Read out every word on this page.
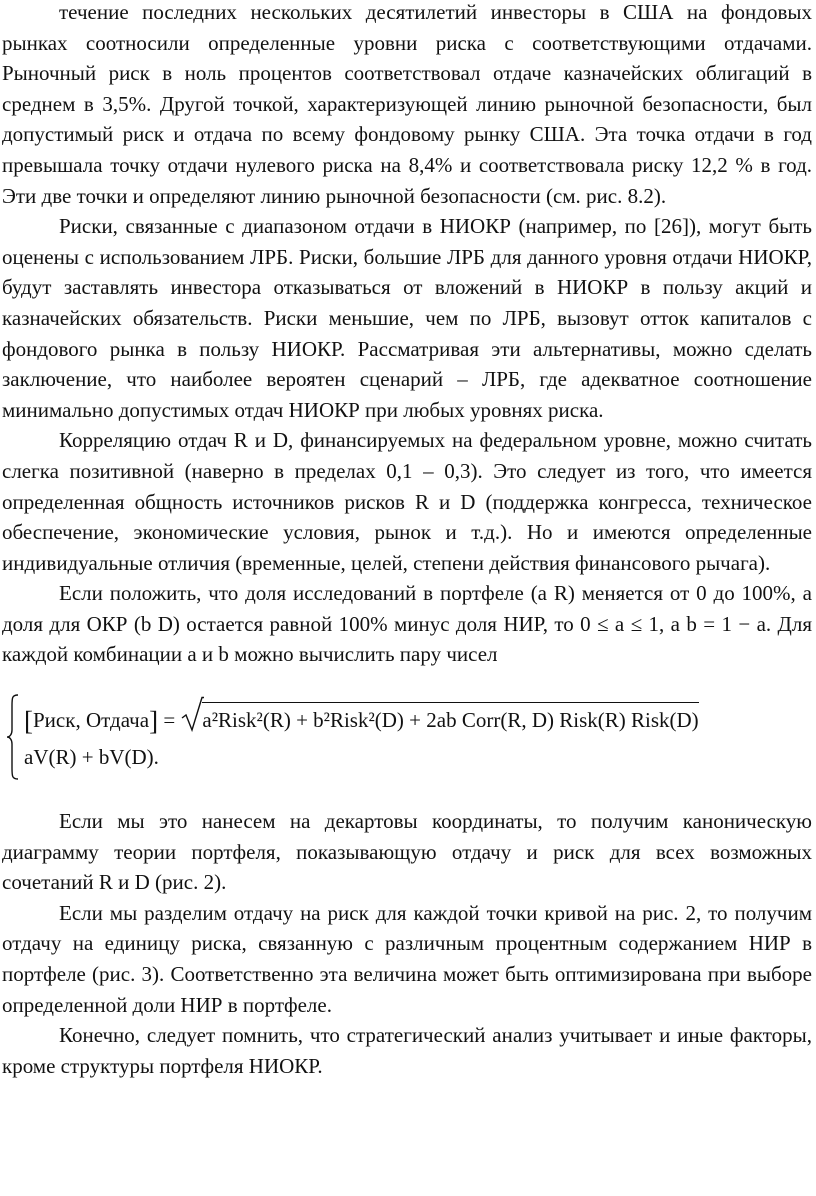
течение последних нескольких десятилетий инвесторы в США на фондовых рынках соотносили определенные уровни риска с соответствующими отдачами. Рыночный риск в ноль процентов соответствовал отдаче казначейских облигаций в среднем в 3,5%. Другой точкой, характеризующей линию рыночной безопасности, был допустимый риск и отдача по всему фондовому рынку США. Эта точка отдачи в год превышала точку отдачи нулевого риска на 8,4% и соответствовала риску 12,2 % в год. Эти две точки и определяют линию рыночной безопасности (см. рис. 8.2).

Риски, связанные с диапазоном отдачи в НИОКР (например, по [26]), могут быть оценены с использованием ЛРБ. Риски, большие ЛРБ для данного уровня отдачи НИОКР, будут заставлять инвестора отказываться от вложений в НИОКР в пользу акций и казначейских обязательств. Риски меньшие, чем по ЛРБ, вызовут отток капиталов с фондового рынка в пользу НИОКР. Рассматривая эти альтернативы, можно сделать заключение, что наиболее вероятен сценарий – ЛРБ, где адекватное соотношение минимально допустимых отдач НИОКР при любых уровнях риска.

Корреляцию отдач R и D, финансируемых на федеральном уровне, можно считать слегка позитивной (наверно в пределах 0,1 – 0,3). Это следует из того, что имеется определенная общность источников рисков R и D (поддержка конгресса, техническое обеспечение, экономические условия, рынок и т.д.). Но и имеются определенные индивидуальные отличия (временные, целей, степени действия финансового рычага).

Если положить, что доля исследований в портфеле (a R) меняется от 0 до 100%, а доля для ОКР (b D) остается равной 100% минус доля НИР, то 0 ≤ a ≤ 1, a b = 1 − a. Для каждой комбинации a и b можно вычислить пару чисел

[Риск, Отдача] =
a²Risk²(R) + b²Risk²(D) + 2ab Corr(R, D) Risk(R) Risk(D)
aV(R) + bV(D).

Если мы это нанесем на декартовы координаты, то получим каноническую диаграмму теории портфеля, показывающую отдачу и риск для всех возможных сочетаний R и D (рис. 2).

Если мы разделим отдачу на риск для каждой точки кривой на рис. 2, то получим отдачу на единицу риска, связанную с различным процентным содержанием НИР в портфеле (рис. 3). Соответственно эта величина может быть оптимизирована при выборе определенной доли НИР в портфеле.

Конечно, следует помнить, что стратегический анализ учитывает и иные факторы, кроме структуры портфеля НИОКР.
